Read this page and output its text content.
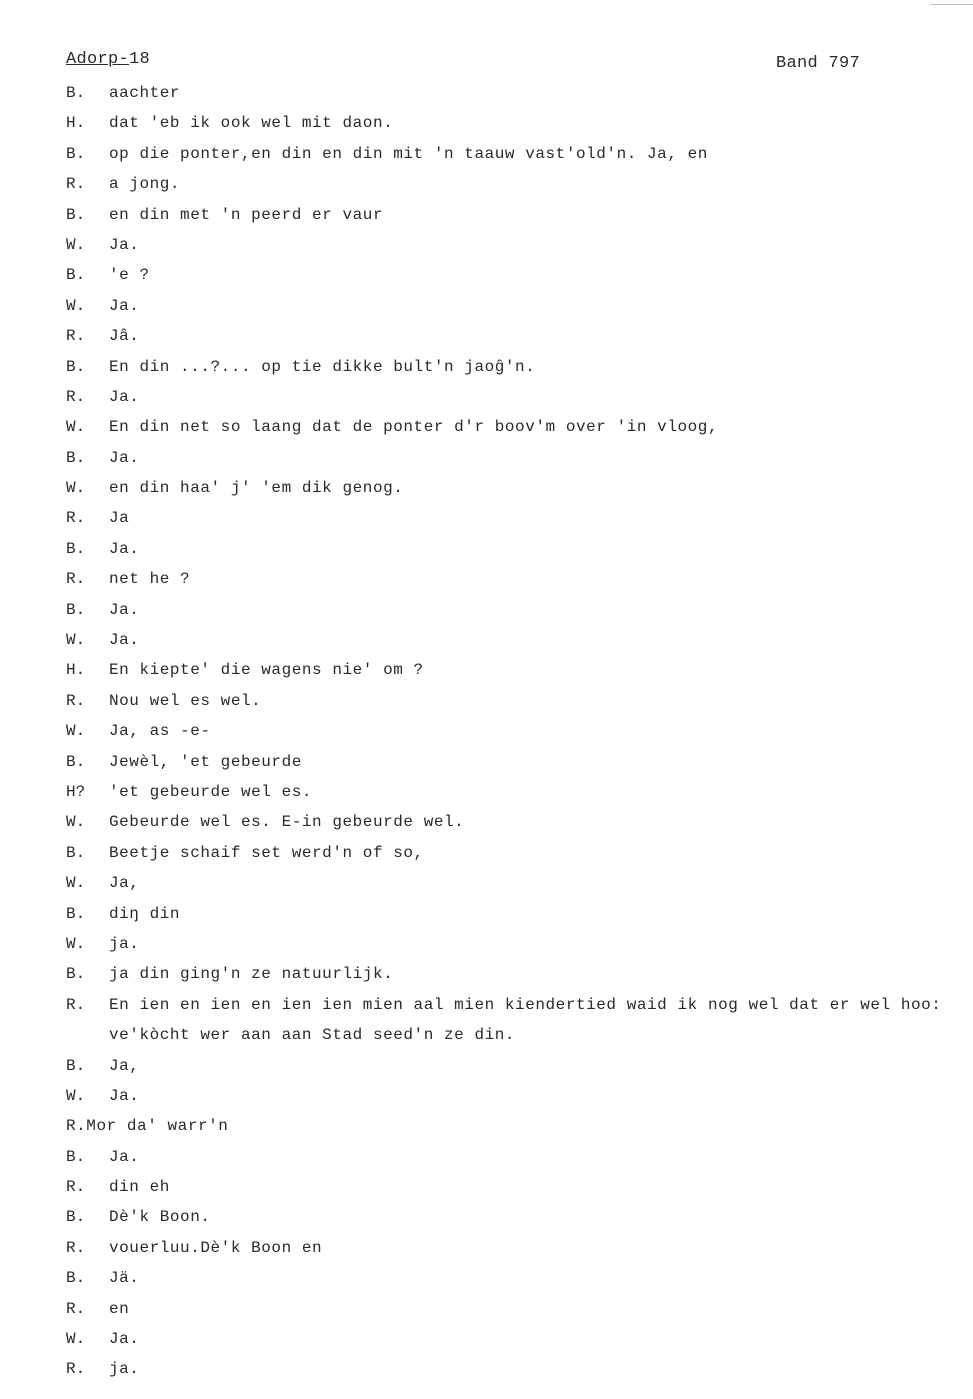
Adorp-18	Band 797
B. aachter
H. dat 'eb ik ook wel mit daon.
B. op die ponter,en din en din mit 'n taauw vast'old'n. Ja, en
R. a jong.
B. en din met 'n peerd er vaur
W. Ja.
B. 'e ?
W. Ja.
R. Jâ.
B. En din ...?... op tie dikke bult'n jaoĝ'n.
R. Ja.
W. En din net so laang dat de ponter d'r boov'm over 'in vloog,
B. Ja.
W. en din haa' j' 'em dik genog.
R. Ja
B. Ja.
R. net he ?
B. Ja.
W. Ja.
H. En kiepte' die wagens nie' om ?
R. Nou wel es wel.
W. Ja, as -e-
B. Jewèl, 'et gebeurde
H? 'et gebeurde wel es.
W. Gebeurde wel es. E-in gebeurde wel.
B. Beetje schaif set werd'n of so,
W. Ja,
B. diŋ din
W. ja.
B. ja din ging'n ze natuurlijk.
R. En ien en ien en ien ien mien aal mien kiendertied waid ik nog wel dat er wel hoo:
ve'kòcht wer aan aan Stad seed'n ze din.
B. Ja,
W. Ja.
R.Mor da' warr'n
B. Ja.
R. din eh
B. Dè'k Boon.
R. vouerluu.Dè'k Boon en
B. Jä.
R. en
W. Ja.
R. ja.
